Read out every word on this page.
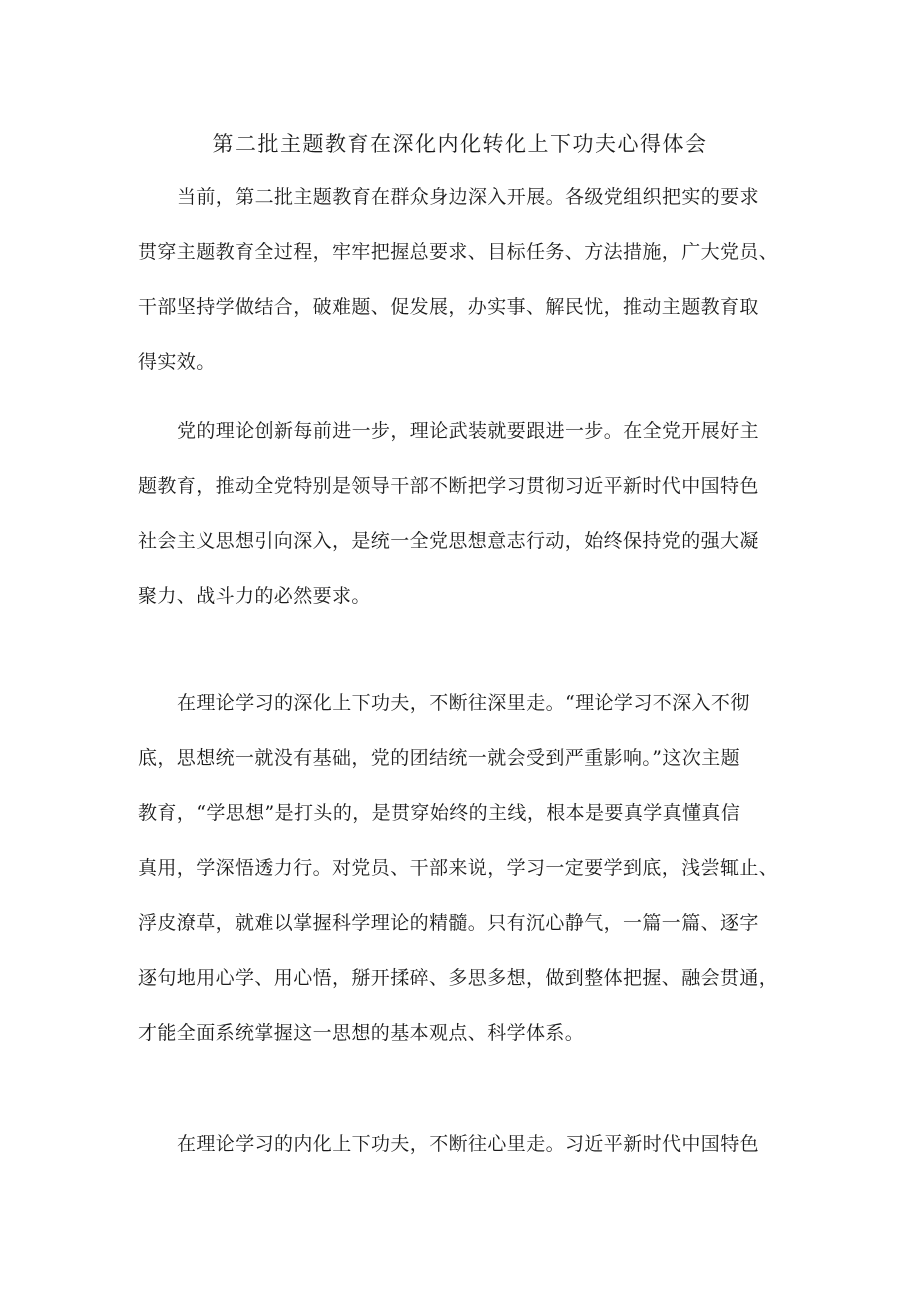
第二批主题教育在深化内化转化上下功夫心得体会
当前，第二批主题教育在群众身边深入开展。各级党组织把实的要求
贯穿主题教育全过程，牢牢把握总要求、目标任务、方法措施，广大党员、
干部坚持学做结合，破难题、促发展，办实事、解民忧，推动主题教育取
得实效。
党的理论创新每前进一步，理论武装就要跟进一步。在全党开展好主
题教育，推动全党特别是领导干部不断把学习贯彻习近平新时代中国特色
社会主义思想引向深入，是统一全党思想意志行动，始终保持党的强大凝
聚力、战斗力的必然要求。
在理论学习的深化上下功夫，不断往深里走。“理论学习不深入不彻
底，思想统一就没有基础，党的团结统一就会受到严重影响。”这次主题
教育，“学思想”是打头的，是贯穿始终的主线，根本是要真学真懂真信
真用，学深悟透力行。对党员、干部来说，学习一定要学到底，浅尝辄止、
浮皮潦草，就难以掌握科学理论的精髓。只有沉心静气，一篇一篇、逐字
逐句地用心学、用心悟，掰开揉碎、多思多想，做到整体把握、融会贯通，
才能全面系统掌握这一思想的基本观点、科学体系。
在理论学习的内化上下功夫，不断往心里走。习近平新时代中国特色
